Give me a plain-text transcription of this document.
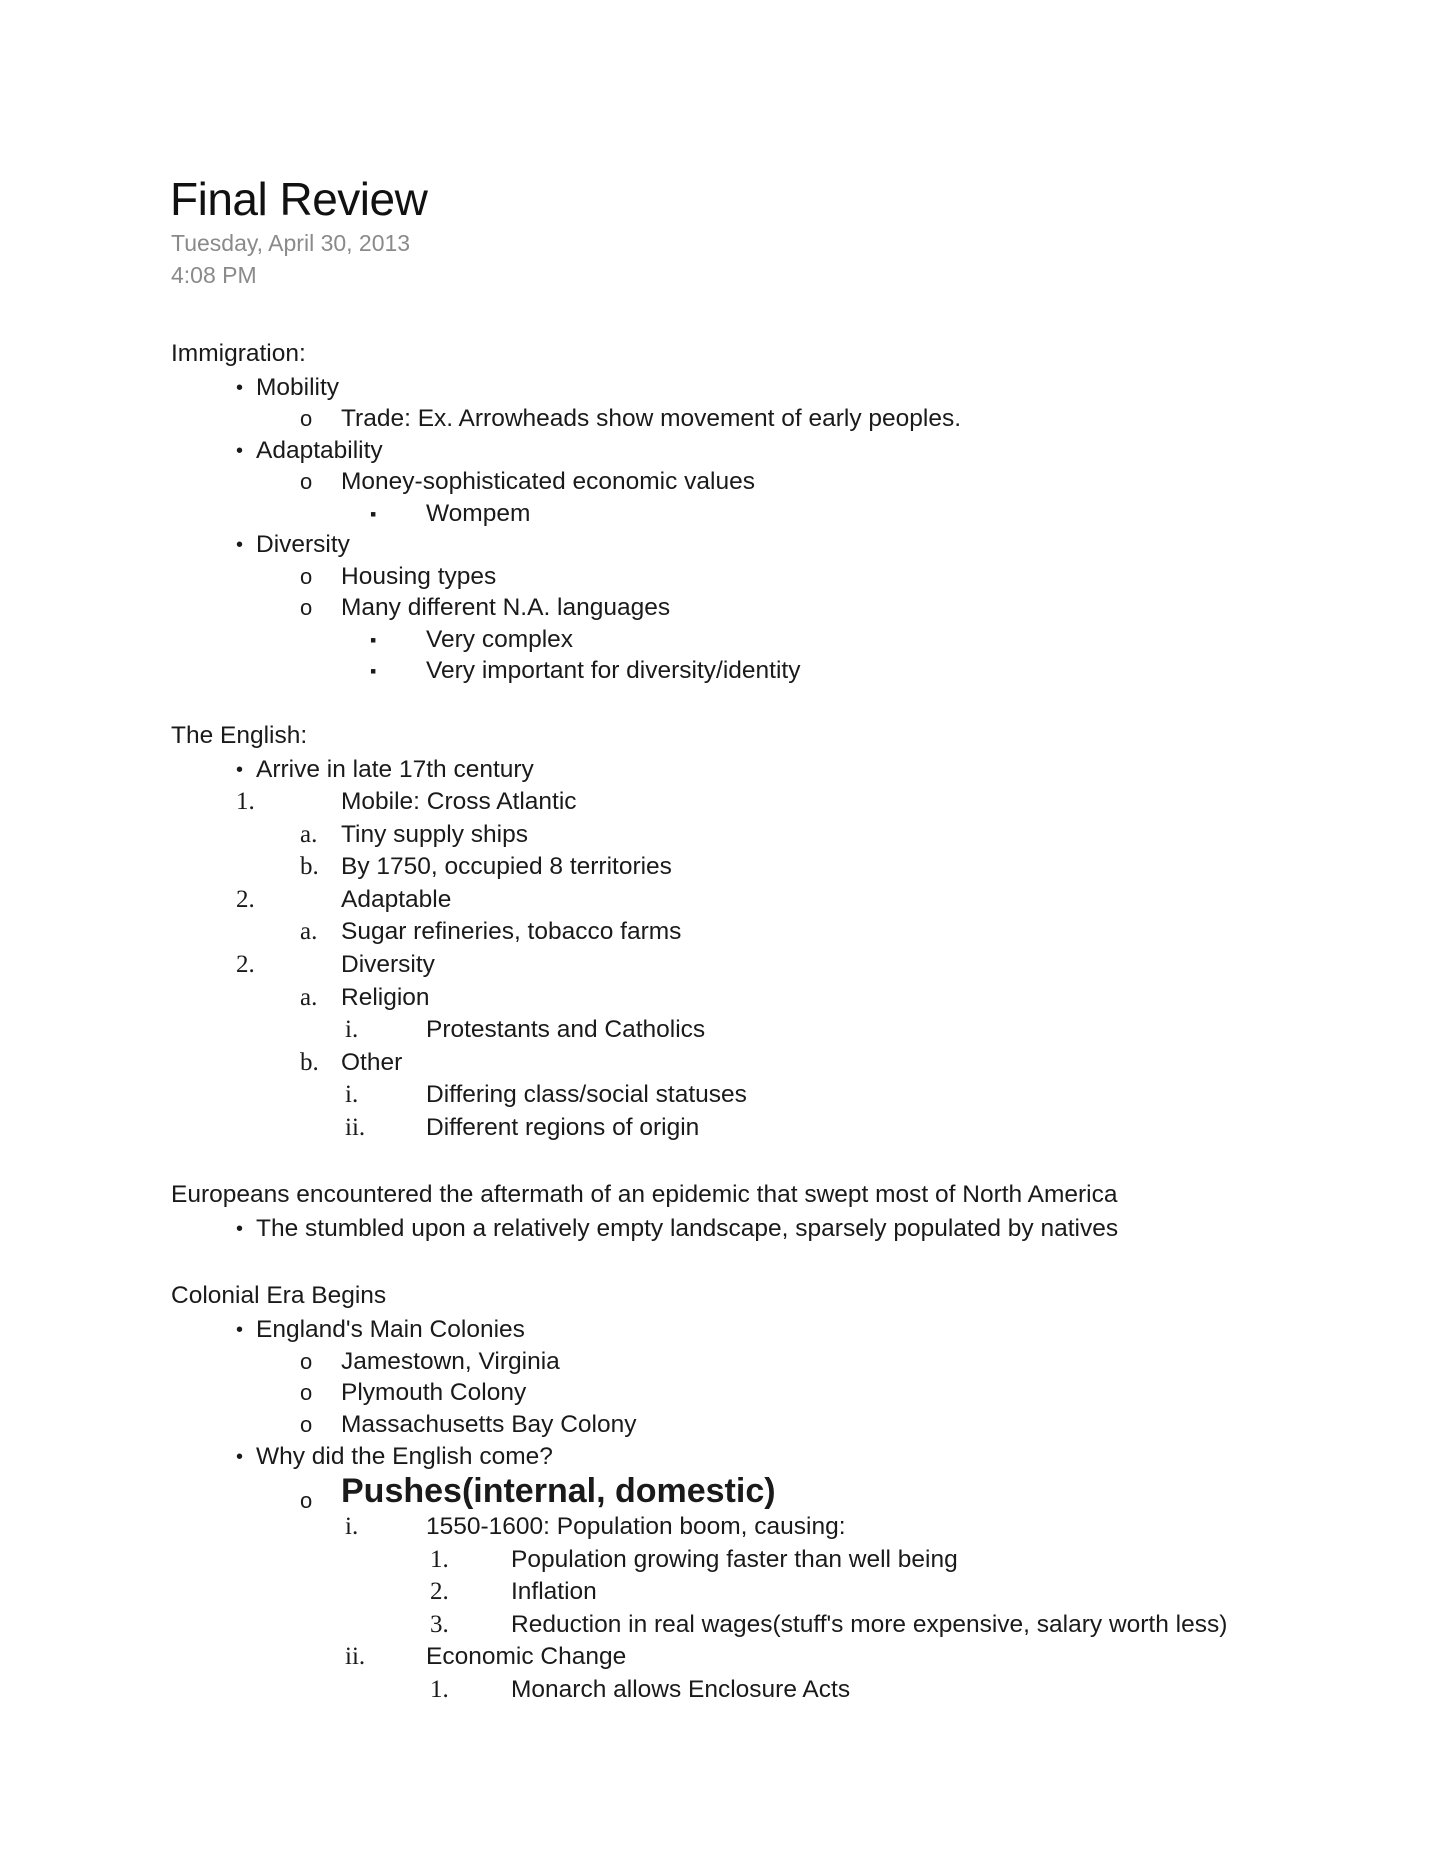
Final Review
Tuesday, April 30, 2013
4:08 PM
Immigration:
• Mobility
o Trade: Ex. Arrowheads show movement of early peoples.
• Adaptability
o Money-sophisticated economic values
▪ Wompem
• Diversity
o Housing types
o Many different N.A. languages
▪ Very complex
▪ Very important for diversity/identity
The English:
• Arrive in late 17th century
1.	Mobile: Cross Atlantic
a. Tiny supply ships
b. By 1750, occupied 8 territories
2.	Adaptable
a. Sugar refineries, tobacco farms
2.	Diversity
a. Religion
i.	Protestants and Catholics
b. Other
i.	Differing class/social statuses
ii. Different regions of origin
Europeans encountered the aftermath of an epidemic that swept most of North America
• The stumbled upon a relatively empty landscape, sparsely populated by natives
Colonial Era Begins
• England's Main Colonies
o Jamestown, Virginia
o Plymouth Colony
o Massachusetts Bay Colony
• Why did the English come?
o Pushes(internal, domestic)
i.	1550-1600: Population boom, causing:
1.	Population growing faster than well being
2.	Inflation
3.	Reduction in real wages(stuff's more expensive, salary worth less)
ii. Economic Change
1.	Monarch allows Enclosure Acts
